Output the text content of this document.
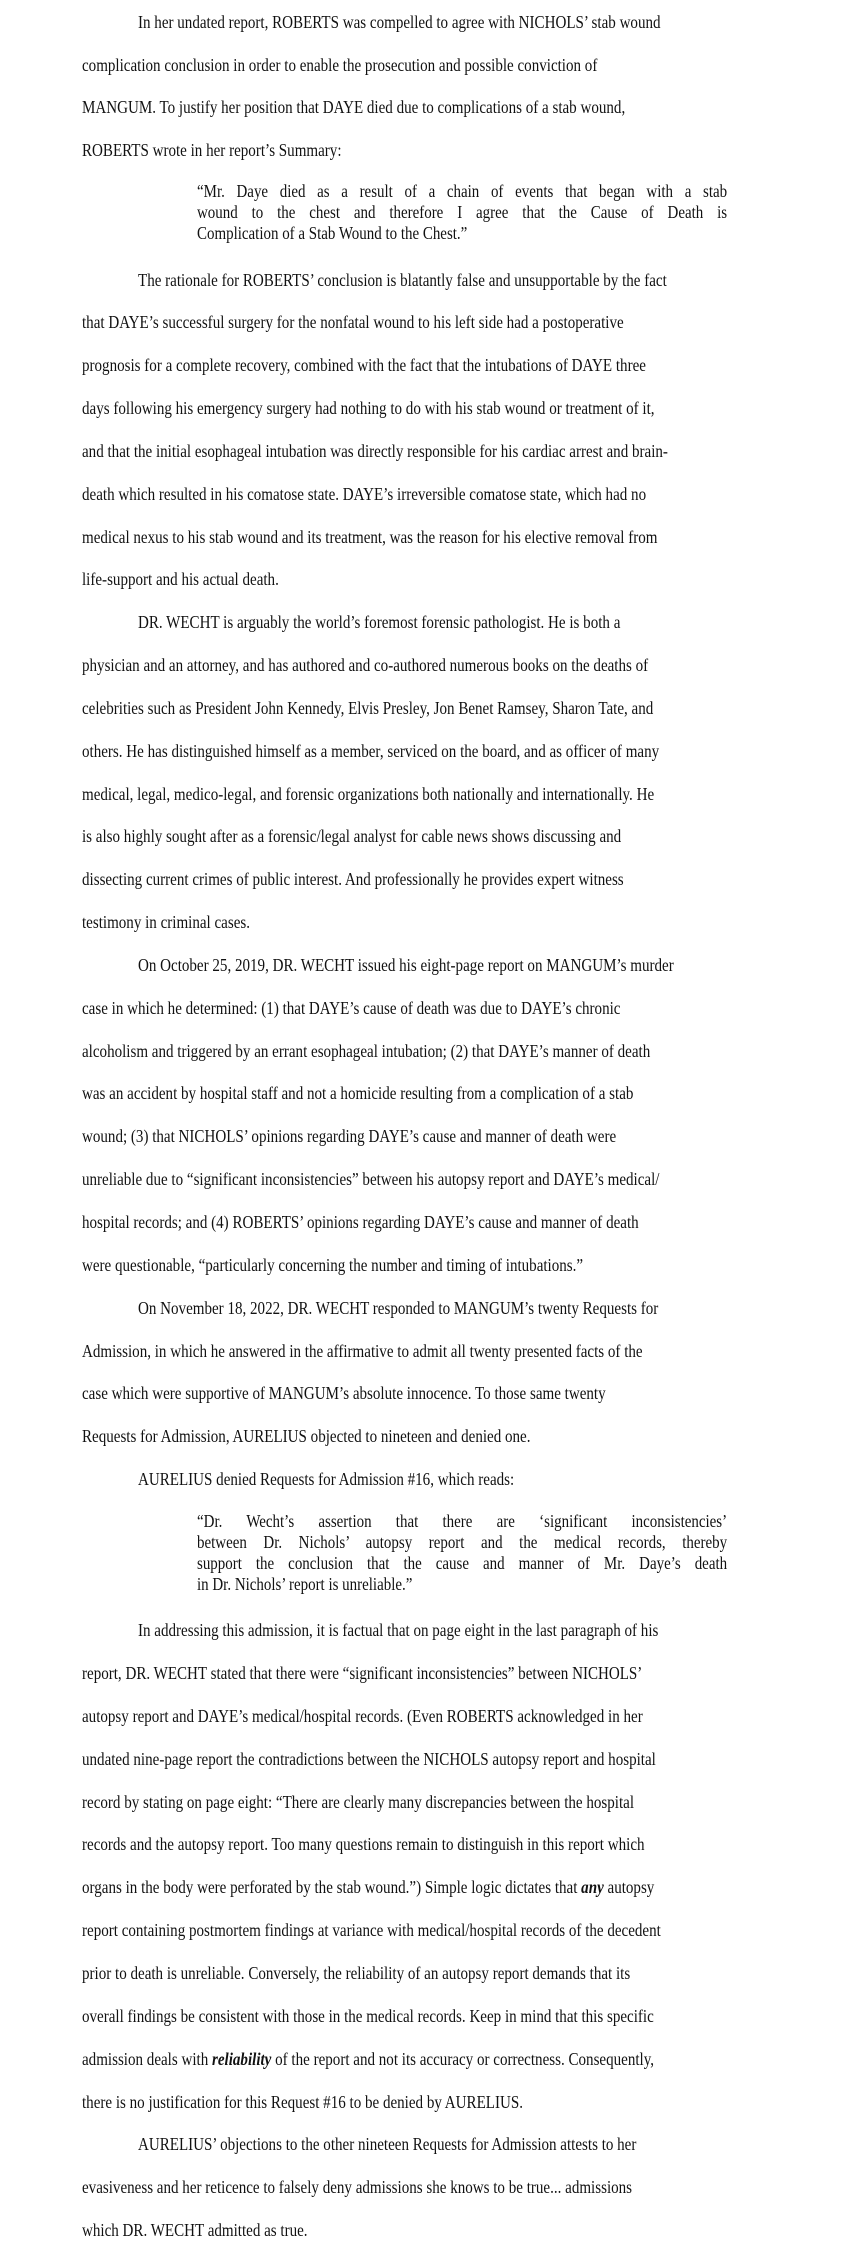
In her undated report, ROBERTS was compelled to agree with NICHOLS’ stab wound
complication conclusion in order to enable the prosecution and possible conviction of
MANGUM. To justify her position that DAYE died due to complications of a stab wound,
ROBERTS wrote in her report’s Summary:
“Mr. Daye died as a result of a chain of events that began with a stab
wound to the chest and therefore I agree that the Cause of Death is
Complication of a Stab Wound to the Chest.”
The rationale for ROBERTS’ conclusion is blatantly false and unsupportable by the fact
that DAYE’s successful surgery for the nonfatal wound to his left side had a postoperative
prognosis for a complete recovery, combined with the fact that the intubations of DAYE three
days following his emergency surgery had nothing to do with his stab wound or treatment of it,
and that the initial esophageal intubation was directly responsible for his cardiac arrest and brain-
death which resulted in his comatose state. DAYE’s irreversible comatose state, which had no
medical nexus to his stab wound and its treatment, was the reason for his elective removal from
life-support and his actual death.
DR. WECHT is arguably the world’s foremost forensic pathologist. He is both a
physician and an attorney, and has authored and co-authored numerous books on the deaths of
celebrities such as President John Kennedy, Elvis Presley, Jon Benet Ramsey, Sharon Tate, and
others. He has distinguished himself as a member, serviced on the board, and as officer of many
medical, legal, medico-legal, and forensic organizations both nationally and internationally. He
is also highly sought after as a forensic/legal analyst for cable news shows discussing and
dissecting current crimes of public interest. And professionally he provides expert witness
testimony in criminal cases.
On October 25, 2019, DR. WECHT issued his eight-page report on MANGUM’s murder
case in which he determined: (1) that DAYE’s cause of death was due to DAYE’s chronic
alcoholism and triggered by an errant esophageal intubation; (2) that DAYE’s manner of death
was an accident by hospital staff and not a homicide resulting from a complication of a stab
wound; (3) that NICHOLS’ opinions regarding DAYE’s cause and manner of death were
unreliable due to “significant inconsistencies” between his autopsy report and DAYE’s medical/
hospital records; and (4) ROBERTS’ opinions regarding DAYE’s cause and manner of death
were questionable, “particularly concerning the number and timing of intubations.”
On November 18, 2022, DR. WECHT responded to MANGUM’s twenty Requests for
Admission, in which he answered in the affirmative to admit all twenty presented facts of the
case which were supportive of MANGUM’s absolute innocence. To those same twenty
Requests for Admission, AURELIUS objected to nineteen and denied one.
AURELIUS denied Requests for Admission #16, which reads:
“Dr. Wecht’s assertion that there are ‘significant inconsistencies’
between Dr. Nichols’ autopsy report and the medical records, thereby
support the conclusion that the cause and manner of Mr. Daye’s death
in Dr. Nichols’ report is unreliable.”
In addressing this admission, it is factual that on page eight in the last paragraph of his
report, DR. WECHT stated that there were “significant inconsistencies” between NICHOLS’
autopsy report and DAYE’s medical/hospital records. (Even ROBERTS acknowledged in her
undated nine-page report the contradictions between the NICHOLS autopsy report and hospital
record by stating on page eight: “There are clearly many discrepancies between the hospital
records and the autopsy report. Too many questions remain to distinguish in this report which
organs in the body were perforated by the stab wound.”) Simple logic dictates that any autopsy
report containing postmortem findings at variance with medical/hospital records of the decedent
prior to death is unreliable. Conversely, the reliability of an autopsy report demands that its
overall findings be consistent with those in the medical records. Keep in mind that this specific
admission deals with reliability of the report and not its accuracy or correctness. Consequently,
there is no justification for this Request #16 to be denied by AURELIUS.
AURELIUS’ objections to the other nineteen Requests for Admission attests to her
evasiveness and her reticence to falsely deny admissions she knows to be true... admissions
which DR. WECHT admitted as true.
